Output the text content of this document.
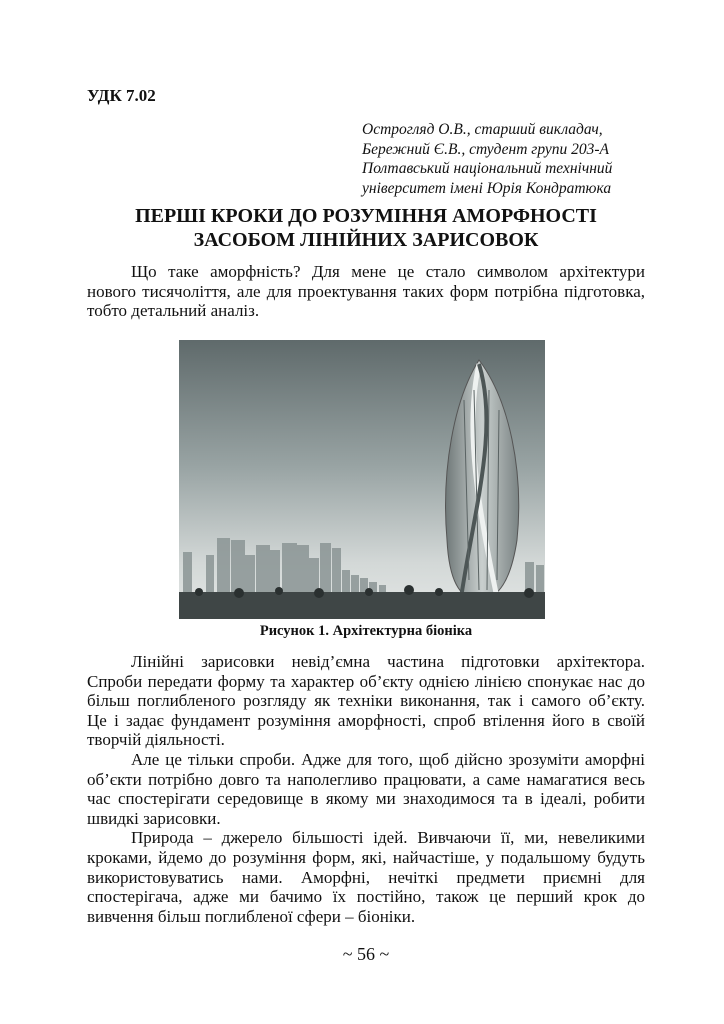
УДК 7.02
Острогляд О.В., старший викладач,
Бережний Є.В., студент групи 203-А
Полтавський національний технічний
університет імені Юрія Кондратюка
ПЕРШІ КРОКИ ДО РОЗУМІННЯ АМОРФНОСТІ
ЗАСОБОМ ЛІНІЙНИХ ЗАРИСОВОК
Що таке аморфність? Для мене це стало символом архітектури
нового тисячоліття, але для проектування таких форм потрібна підготовка,
тобто детальний аналіз.
Рисунок 1. Архітектурна біоніка
Лінійні зарисовки невід’ємна частина підготовки архітектора.
Спроби передати форму та характер об’єкту однією лінією спонукає нас до
більш поглибленого розгляду як техніки виконання, так і самого об’єкту.
Це і задає фундамент розуміння аморфності, спроб втілення його в своїй
творчій діяльності.
Але це тільки спроби. Адже для того, щоб дійсно зрозуміти аморфні
об’єкти потрібно довго та наполегливо працювати, а саме намагатися весь
час спостерігати середовище в якому ми знаходимося та в ідеалі, робити
швидкі зарисовки.
Природа – джерело більшості ідей. Вивчаючи її, ми, невеликими
кроками, йдемо до розуміння форм, які, найчастіше, у подальшому будуть
використовуватись нами. Аморфні, нечіткі предмети приємні для
спостерігача, адже ми бачимо їх постійно, також це перший крок до
вивчення більш поглибленої сфери – біоніки.
~ 56 ~
